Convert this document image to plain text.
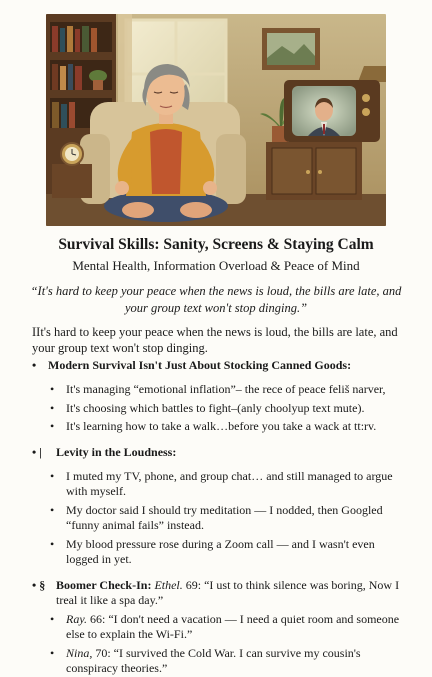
Survival Skills: Sanity, Screens & Staying Calm
Mental Health, Information Overload & Peace of Mind
“It's hard to keep your peace when the news is loud, the bills are late, and your group text won't stop dinging.”
IIt's hard to keep your peace when the news is loud, the bills are late, and your group text won't stop dinging.
• Modern Survival Isn't Just About Stocking Canned Goods:
• It's managing “emotional inflation”– the rece of peace feliš narver,
• It's choosing which battles to fight–(anly choolyup text mute).
• It's learning how to take a walk…before you take a wack at tt:rv.
• |	Levity in the Loudness:
• I muted my TV, phone, and group chat… and still managed to argue with myself.
• My doctor said I should try meditation — I nodded, then Googled “funny animal fails” instead.
• My blood pressure rose during a Zoom call — and I wasn't even logged in yet.
• § Boomer Check-In: Ethel. 69: “I ust to think silence was boring, Now I treal it like a spa day.”
• Ray. 66: “I don't need a vacation — I need a quiet room and someone else to explain the Wi-Fi.”
• Nina, 70: “I survived the Cold War. I can survive my cousin's conspiracy theories.”
